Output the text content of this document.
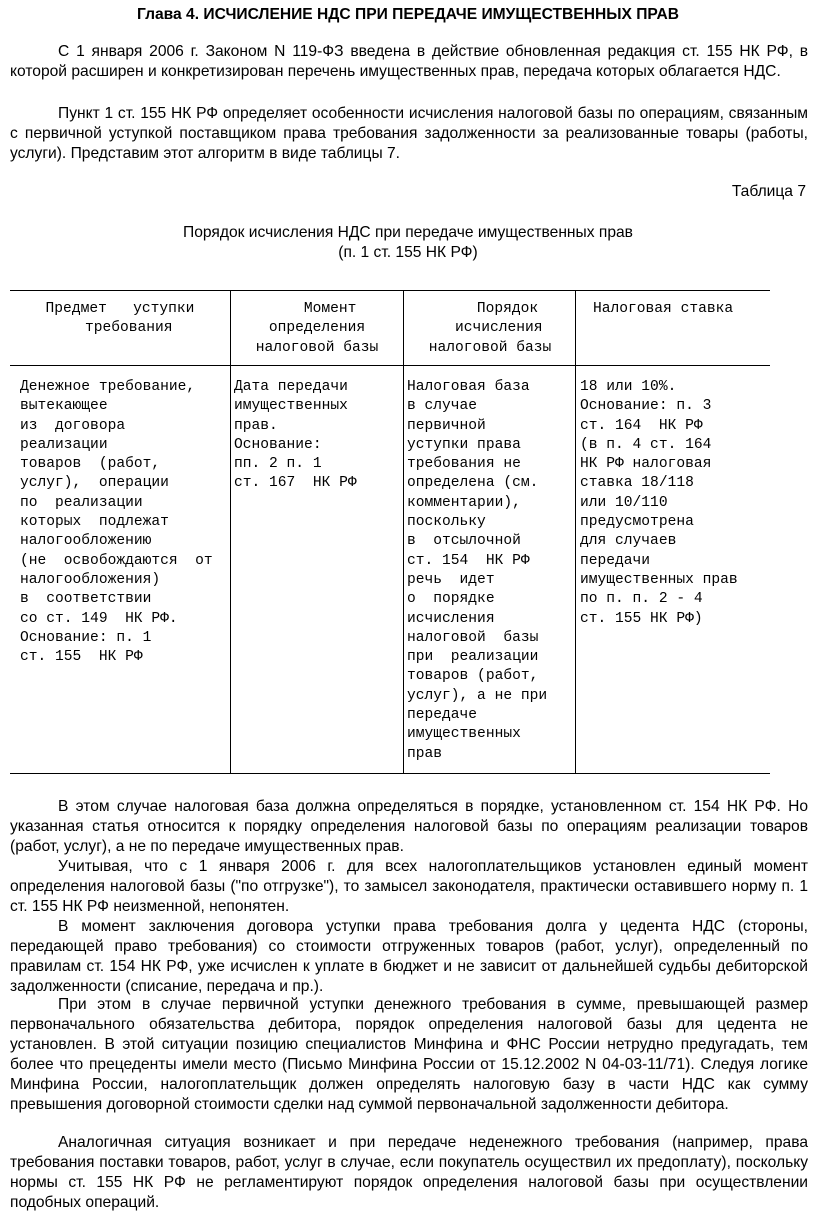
Глава 4. ИСЧИСЛЕНИЕ НДС ПРИ ПЕРЕДАЧЕ ИМУЩЕСТВЕННЫХ ПРАВ

С 1 января 2006 г. Законом N 119-ФЗ введена в действие обновленная редакция ст. 155 НК РФ, в которой расширен и конкретизирован перечень имущественных прав, передача которых облагается НДС.

Пункт 1 ст. 155 НК РФ определяет особенности исчисления налоговой базы по операциям, связанным с первичной уступкой поставщиком права требования задолженности за реализованные товары (работы, услуги). Представим этот алгоритм в виде таблицы 7.

Таблица 7
Порядок исчисления НДС при передаче имущественных прав
(п. 1 ст. 155 НК РФ)
Предмет   уступки
требования
Момент
определения
налоговой базы
Порядок
исчисления
налоговой базы
Налоговая ставка
Денежное требование,
вытекающее
из  договора
реализации
товаров  (работ,
услуг),  операции
по  реализации
которых  подлежат
налогообложению
(не  освобождаются  от
налогообложения)
в  соответствии
со ст. 149  НК РФ.
Основание: п. 1
ст. 155  НК РФ
Дата передачи
имущественных
прав.
Основание:
пп. 2 п. 1
ст. 167  НК РФ
Налоговая база
в случае
первичной
уступки права
требования не
определена (см.
комментарии),
поскольку
в  отсылочной
ст. 154  НК РФ
речь  идет
о  порядке
исчисления
налоговой  базы
при  реализации
товаров (работ,
услуг), а не при
передаче
имущественных
прав
18 или 10%.
Основание: п. 3
ст. 164  НК РФ
(в п. 4 ст. 164
НК РФ налоговая
ставка 18/118
или 10/110
предусмотрена
для случаев
передачи
имущественных прав
по п. п. 2 - 4
ст. 155 НК РФ)

В этом случае налоговая база должна определяться в порядке, установленном ст. 154 НК РФ. Но указанная статья относится к порядку определения налоговой базы по операциям реализации товаров (работ, услуг), а не по передаче имущественных прав.

Учитывая, что с 1 января 2006 г. для всех налогоплательщиков установлен единый момент определения налоговой базы ("по отгрузке"), то замысел законодателя, практически оставившего норму п. 1 ст. 155 НК РФ неизменной, непонятен.

В момент заключения договора уступки права требования долга у цедента НДС (стороны, передающей право требования) со стоимости отгруженных товаров (работ, услуг), определенный по правилам ст. 154 НК РФ, уже исчислен к уплате в бюджет и не зависит от дальнейшей судьбы дебиторской задолженности (списание, передача и пр.).

При этом в случае первичной уступки денежного требования в сумме, превышающей размер первоначального обязательства дебитора, порядок определения налоговой базы для цедента не установлен. В этой ситуации позицию специалистов Минфина и ФНС России нетрудно предугадать, тем более что прецеденты имели место (Письмо Минфина России от 15.12.2002 N 04-03-11/71). Следуя логике Минфина России, налогоплательщик должен определять налоговую базу в части НДС как сумму превышения договорной стоимости сделки над суммой первоначальной задолженности дебитора.

Аналогичная ситуация возникает и при передаче неденежного требования (например, права требования поставки товаров, работ, услуг в случае, если покупатель осуществил их предоплату), поскольку нормы ст. 155 НК РФ не регламентируют порядок определения налоговой базы при осуществлении подобных операций.
